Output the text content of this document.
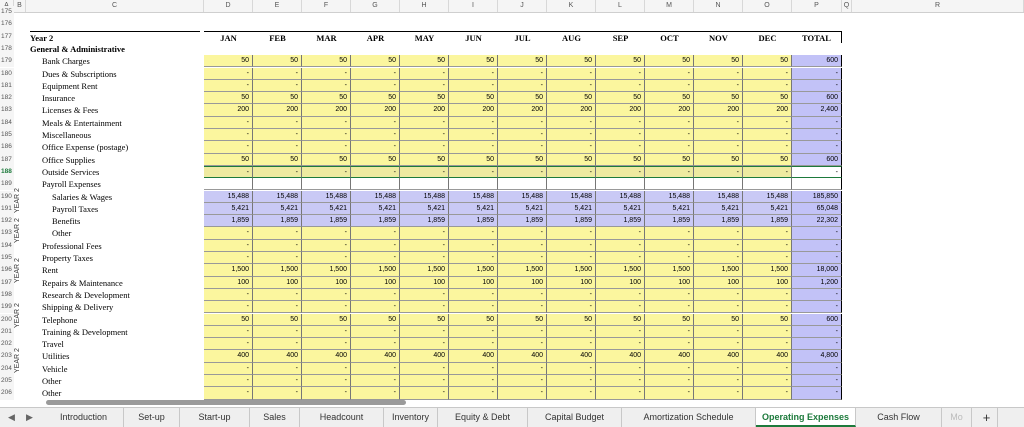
B	C	D	E	F	G	H	I	J	K	L	M	N	O	P	Q	R
175
176
177 Year 2	JAN	FEB	MAR	APR	MAY	JUN	JUL	AUG	SEP	OCT	NOV	DEC	TOTAL
178 General & Administrative
179	Bank Charges	50	50	50	50	50	50	50	50	50	50	50	50	600
180	Dues & Subscriptions	-	-	-	-	-	-	-	-	-	-	-	-	-
181	Equipment Rent	-	-	-	-	-	-	-	-	-	-	-	-	-
182	Insurance	50	50	50	50	50	50	50	50	50	50	50	50	600
183	Licenses & Fees	200	200	200	200	200	200	200	200	200	200	200	200	2,400
184	Meals & Entertainment	-	-	-	-	-	-	-	-	-	-	-	-	-
185	Miscellaneous	-	-	-	-	-	-	-	-	-	-	-	-	-
186	Office Expense (postage)	-	-	-	-	-	-	-	-	-	-	-	-	-
187	Office Supplies	50	50	50	50	50	50	50	50	50	50	50	50	600
188	Outside Services	-	-	-	-	-	-	-	-	-	-	-	-	-
189	Payroll Expenses
190	Salaries & Wages	15,488	15,488	15,488	15,488	15,488	15,488	15,488	15,488	15,488	15,488	15,488	15,488	185,850
191	Payroll Taxes	5,421	5,421	5,421	5,421	5,421	5,421	5,421	5,421	5,421	5,421	5,421	5,421	65,048
192	Benefits	1,859	1,859	1,859	1,859	1,859	1,859	1,859	1,859	1,859	1,859	1,859	1,859	22,302
193	Other	-	-	-	-	-	-	-	-	-	-	-	-	-
194	Professional Fees	-	-	-	-	-	-	-	-	-	-	-	-	-
195	Property Taxes	-	-	-	-	-	-	-	-	-	-	-	-	-
196	Rent	1,500	1,500	1,500	1,500	1,500	1,500	1,500	1,500	1,500	1,500	1,500	1,500	18,000
197	Repairs & Maintenance	100	100	100	100	100	100	100	100	100	100	100	100	1,200
198	Research & Development	-	-	-	-	-	-	-	-	-	-	-	-	-
199	Shipping & Delivery	-	-	-	-	-	-	-	-	-	-	-	-	-
200	Telephone	50	50	50	50	50	50	50	50	50	50	50	50	600
201	Training & Development	-	-	-	-	-	-	-	-	-	-	-	-	-
202	Travel	-	-	-	-	-	-	-	-	-	-	-	-	-
203	Utilities	400	400	400	400	400	400	400	400	400	400	400	400	4,800
204	Vehicle	-	-	-	-	-	-	-	-	-	-	-	-	-
205	Other	-	-	-	-	-	-	-	-	-	-	-	-	-
206	Other	-	-	-	-	-	-	-	-	-	-	-	-	-
◀ ▶	Introduction	Set-up	Start-up	Sales	Headcount	Inventory	Equity & Debt	Capital Budget	Amortization Schedule	Operating Expenses	Cash Flow	Mo	+
YEAR 2
YEAR 2
YEAR 2
YEAR 2
YEAR 2
